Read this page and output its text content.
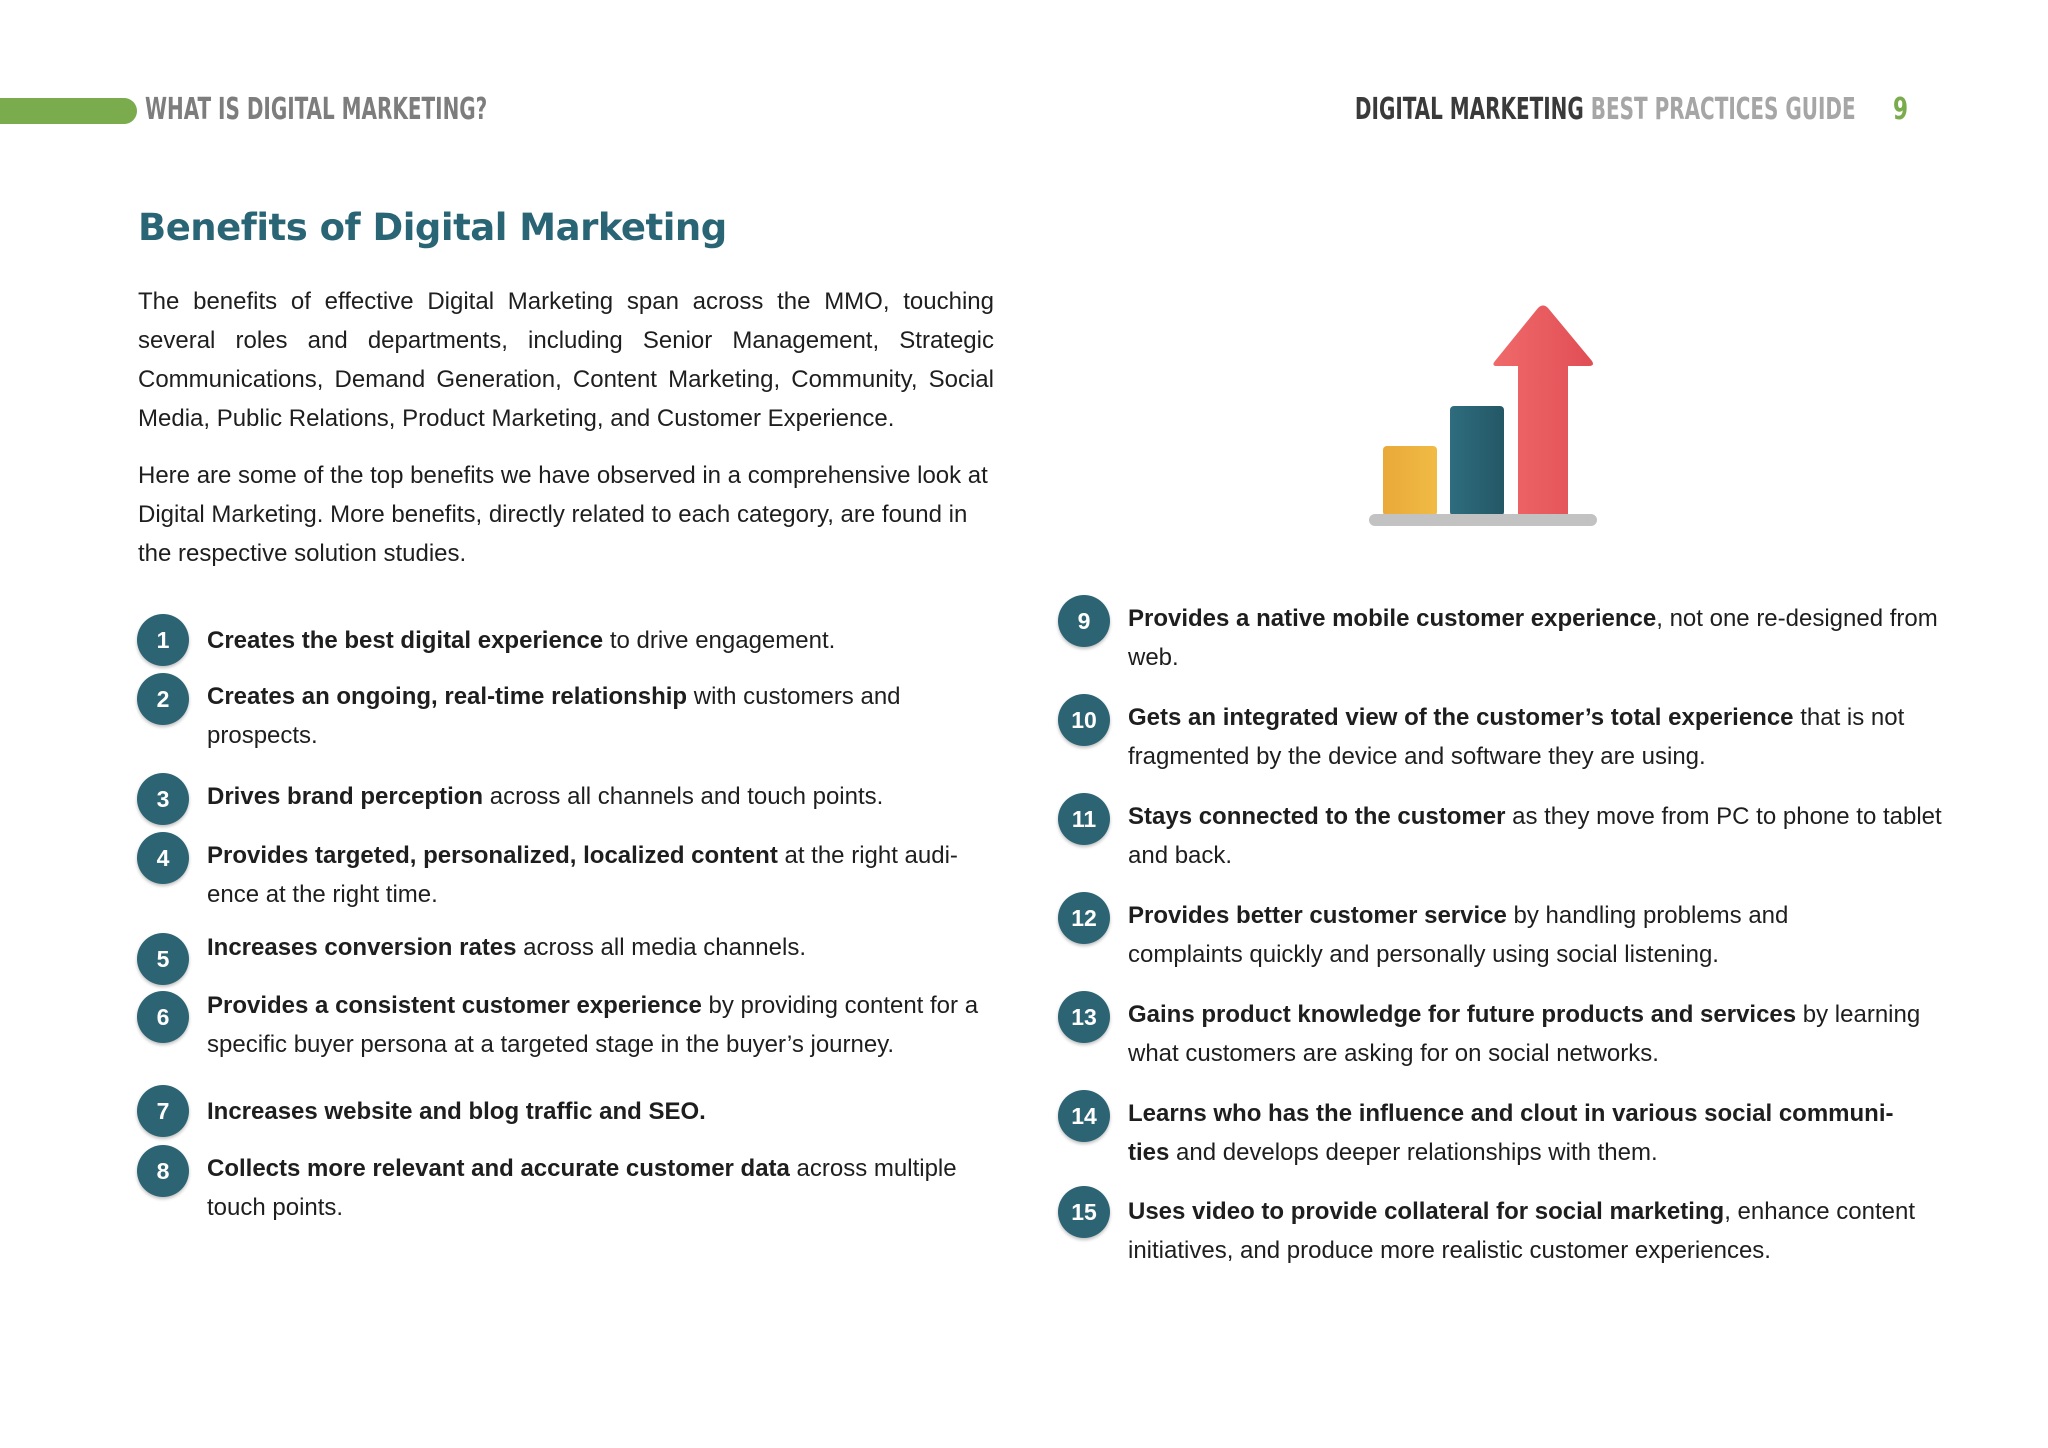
WHAT IS DIGITAL MARKETING?	DIGITAL MARKETING BEST PRACTICES GUIDE 9
Benefits of Digital Marketing

The benefits of effective Digital Marketing span across the MMO, touching several roles and departments, including Senior Management, Strategic Communications, Demand Generation, Content Marketing, Community, Social Media, Public Relations, Product Marketing, and Customer Experience.

Here are some of the top benefits we have observed in a comprehensive look at Digital Marketing. More benefits, directly related to each category, are found in the respective solution studies.

1	Creates the best digital experience to drive engagement.
2	Creates an ongoing, real-time relationship with customers and prospects.
3	Drives brand perception across all channels and touch points.
4	Provides targeted, personalized, localized content at the right audi-ence at the right time.
5	Increases conversion rates across all media channels.
6	Provides a consistent customer experience by providing content for a specific buyer persona at a targeted stage in the buyer’s journey.
7	Increases website and blog traffic and SEO.
8	Collects more relevant and accurate customer data across multiple touch points.
9	Provides a native mobile customer experience, not one re-designed from web.
10	Gets an integrated view of the customer’s total experience that is not fragmented by the device and software they are using.
11	Stays connected to the customer as they move from PC to phone to tablet and back.
12	Provides better customer service by handling problems and complaints quickly and personally using social listening.
13	Gains product knowledge for future products and services by learning what customers are asking for on social networks.
14	Learns who has the influence and clout in various social communi-ties and develops deeper relationships with them.
15	Uses video to provide collateral for social marketing, enhance content initiatives, and produce more realistic customer experiences.
